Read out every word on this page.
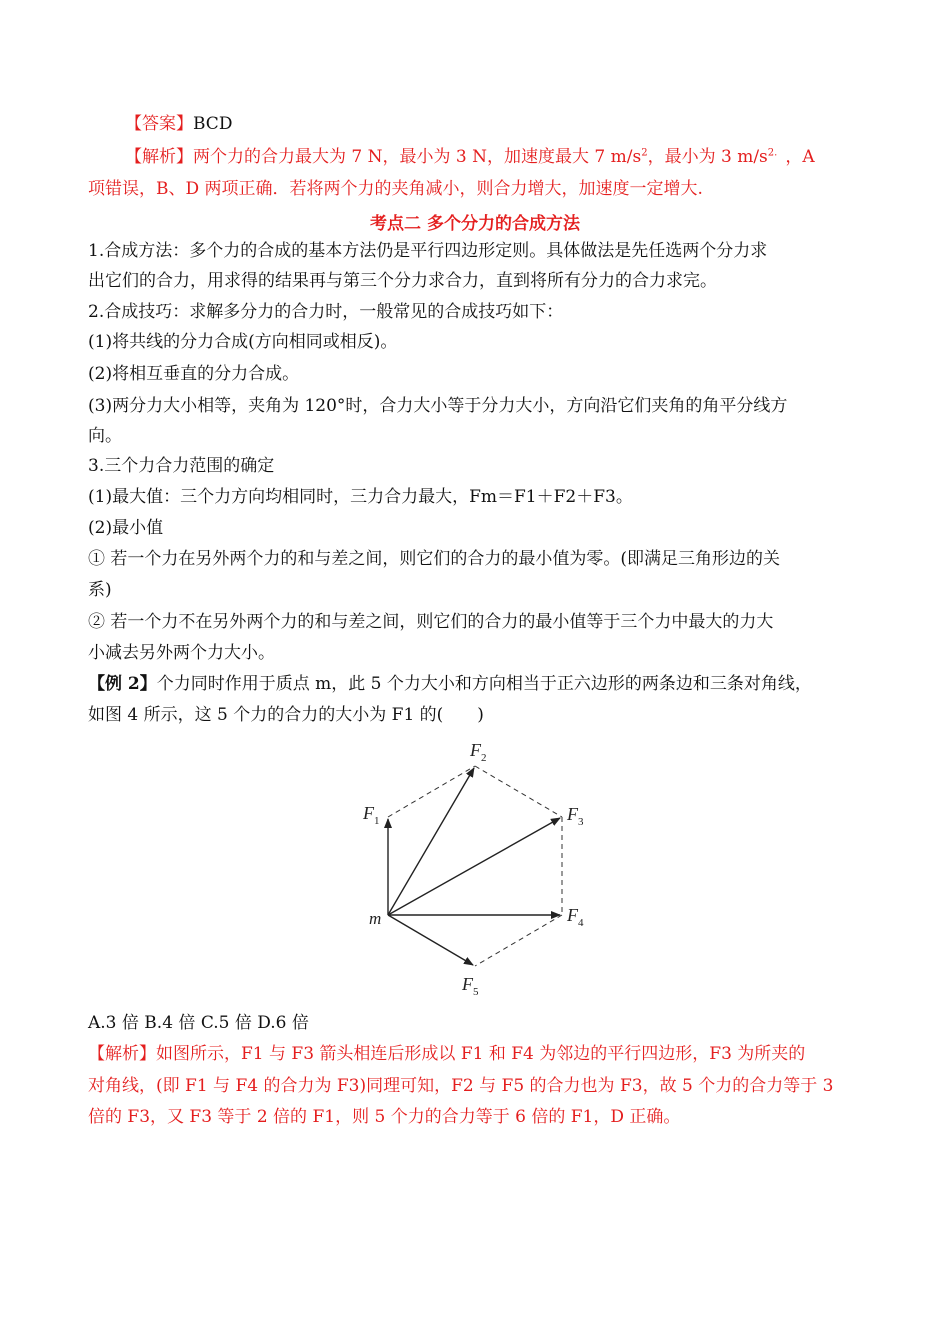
【答案】BCD
【解析】两个力的合力最大为 7 N，最小为 3 N，加速度最大 7 $m/s^2$，最小为 3 $m/s^{2.}$ ，A
项错误，B、D 两项正确．若将两个力的夹角减小，则合力增大，加速度一定增大.
考点二 多个分力的合成方法
1.合成方法：多个力的合成的基本方法仍是平行四边形定则。具体做法是先任选两个分力求
出它们的合力，用求得的结果再与第三个分力求合力，直到将所有分力的合力求完。
2.合成技巧：求解多分力的合力时，一般常见的合成技巧如下：
(1)将共线的分力合成(方向相同或相反)。
(2)将相互垂直的分力合成。
(3)两分力大小相等，夹角为 120°时，合力大小等于分力大小，方向沿它们夹角的角平分线方
向。
3.三个力合力范围的确定
(1)最大值：三个力方向均相同时，三力合力最大，Fm＝F1＋F2＋F3。
(2)最小值
① 若一个力在另外两个力的和与差之间，则它们的合力的最小值为零。(即满足三角形边的关
系)
② 若一个力不在另外两个力的和与差之间，则它们的合力的最小值等于三个力中最大的力大
小减去另外两个力大小。
【例 2】个力同时作用于质点 m，此 5 个力大小和方向相当于正六边形的两条边和三条对角线，
如图 4 所示，这 5 个力的合力的大小为 F1 的(　　)
m
$F_1$
$F_2$
$F_3$
$F_4$
$F_5$
A.3 倍 B.4 倍 C.5 倍 D.6 倍
【解析】如图所示，F1 与 F3 箭头相连后形成以 F1 和 F4 为邻边的平行四边形，F3 为所夹的
对角线，(即 F1 与 F4 的合力为 F3)同理可知，F2 与 F5 的合力也为 F3，故 5 个力的合力等于 3
倍的 F3，又 F3 等于 2 倍的 F1，则 5 个力的合力等于 6 倍的 F1，D 正确。
